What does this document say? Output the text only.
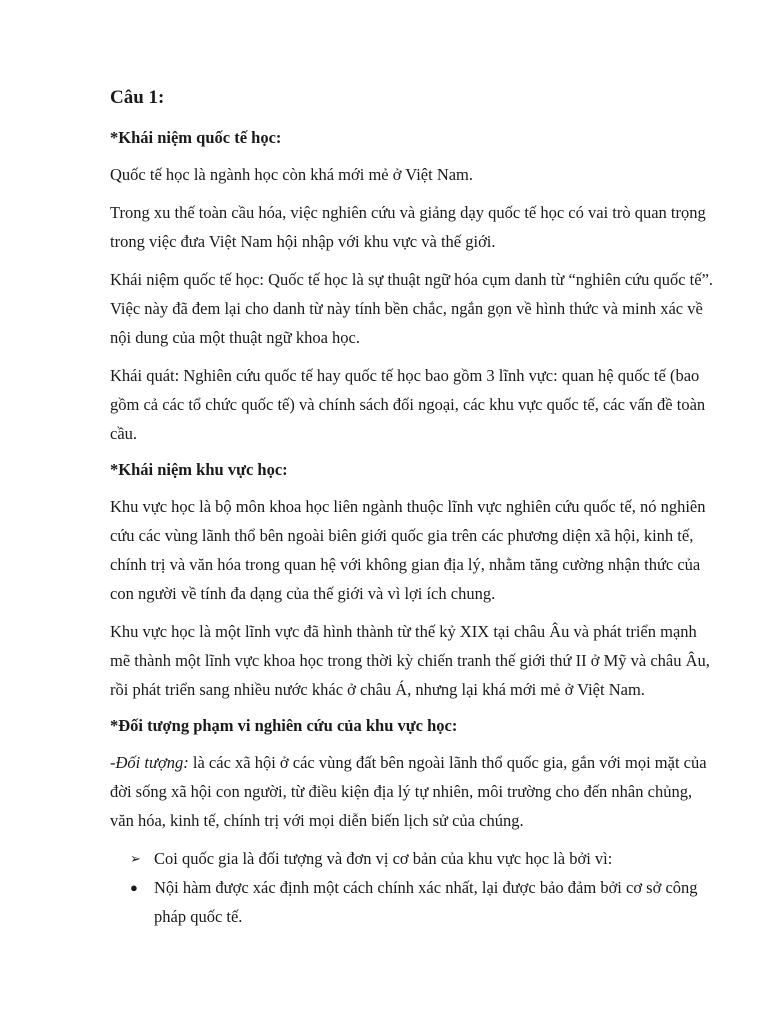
Câu 1:
*Khái niệm quốc tế học:

Quốc tế học là ngành học còn khá mới mẻ ở Việt Nam.

Trong xu thế toàn cầu hóa, việc nghiên cứu và giảng dạy quốc tế học có vai trò quan trọng trong việc đưa Việt Nam hội nhập với khu vực và thế giới.

Khái niệm quốc tế học: Quốc tế học là sự thuật ngữ hóa cụm danh từ “nghiên cứu quốc tế”. Việc này đã đem lại cho danh từ này tính bền chắc, ngắn gọn về hình thức và minh xác về nội dung của một thuật ngữ khoa học.

Khái quát: Nghiên cứu quốc tế hay quốc tế học bao gồm 3 lĩnh vực: quan hệ quốc tế (bao gồm cả các tổ chức quốc tế) và chính sách đối ngoại, các khu vực quốc tế, các vấn đề toàn cầu.

*Khái niệm khu vực học:

Khu vực học là bộ môn khoa học liên ngành thuộc lĩnh vực nghiên cứu quốc tế, nó nghiên cứu các vùng lãnh thổ bên ngoài biên giới quốc gia trên các phương diện xã hội, kinh tế, chính trị và văn hóa trong quan hệ với không gian địa lý, nhằm tăng cường nhận thức của con người về tính đa dạng của thế giới và vì lợi ích chung.

Khu vực học là một lĩnh vực đã hình thành từ thế kỷ XIX tại châu Âu và phát triển mạnh mẽ thành một lĩnh vực khoa học trong thời kỳ chiến tranh thế giới thứ II ở Mỹ và châu Âu, rồi phát triển sang nhiều nước khác ở châu Á, nhưng lại khá mới mẻ ở Việt Nam.

*Đối tượng phạm vi nghiên cứu của khu vực học:

-Đối tượng: là các xã hội ở các vùng đất bên ngoài lãnh thổ quốc gia, gắn với mọi mặt của đời sống xã hội con người, từ điều kiện địa lý tự nhiên, môi trường cho đến nhân chủng, văn hóa, kinh tế, chính trị với mọi diễn biến lịch sử của chúng.

➢ Coi quốc gia là đối tượng và đơn vị cơ bản của khu vực học là bởi vì:
● Nội hàm được xác định một cách chính xác nhất, lại được bảo đảm bởi cơ sở công pháp quốc tế.
